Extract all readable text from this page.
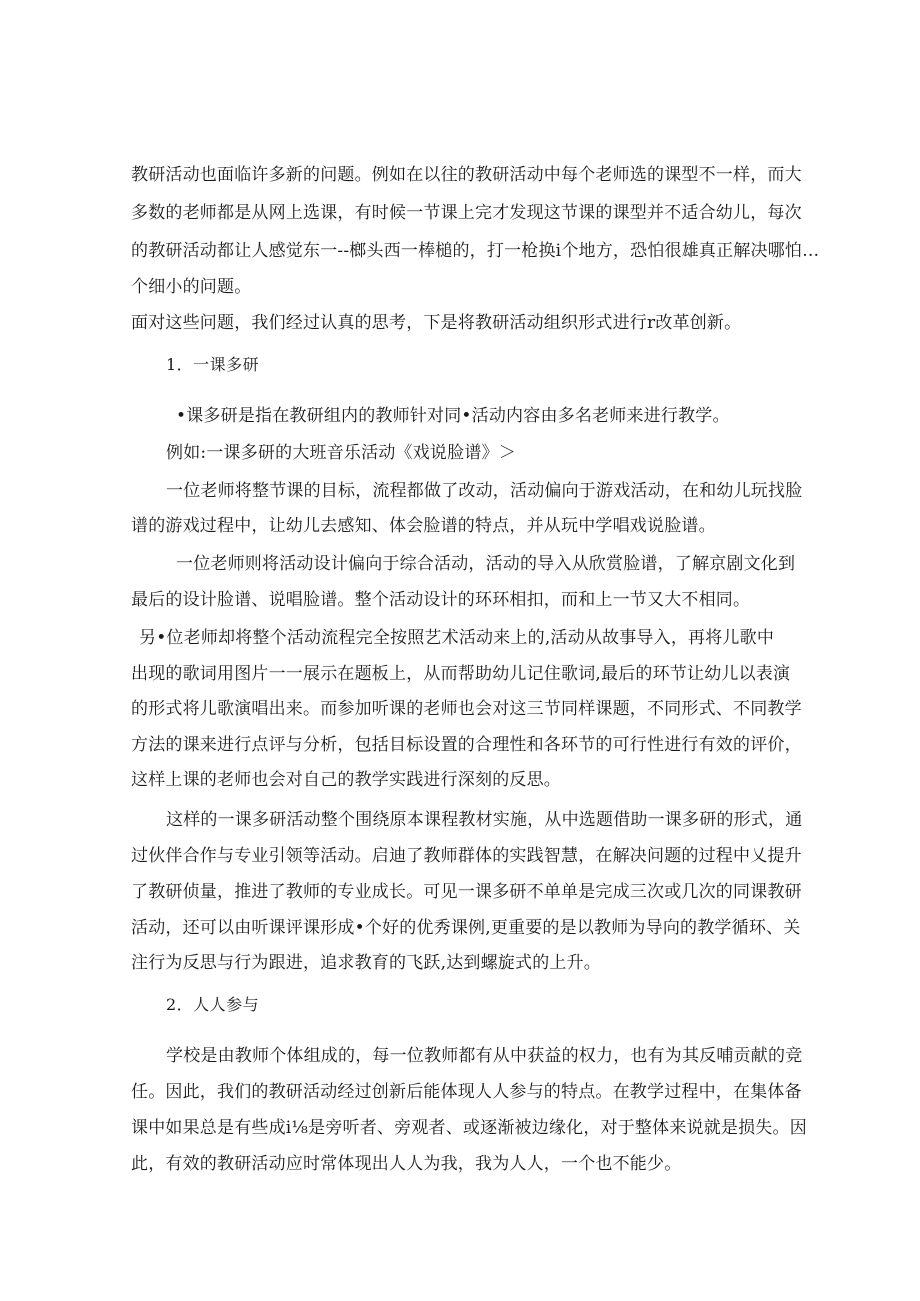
教研活动也面临许多新的问题。例如在以往的教研活动中每个老师选的课型不一样，而大
多数的老师都是从网上选课，有时候一节课上完才发现这节课的课型并不适合幼儿，每次
的教研活动都让人感觉东一--榔头西一棒槌的，打一枪换i个地方，恐怕很雄真正解决哪怕…
个细小的问题。
面对这些问题，我们经过认真的思考，下是将教研活动组织形式进行r改革创新。
1．一课多研
•课多研是指在教研组内的教师针对同•活动内容由多名老师来进行教学。
例如:一课多研的大班音乐活动《戏说脸谱》＞
一位老师将整节课的目标，流程都做了改动，活动偏向于游戏活动，在和幼儿玩找脸
谱的游戏过程中，让幼儿去感知、体会脸谱的特点，并从玩中学唱戏说脸谱。
一位老师则将活动设计偏向于综合活动，活动的导入从欣赏脸谱，了解京剧文化到
最后的设计脸谱、说唱脸谱。整个活动设计的环环相扣，而和上一节又大不相同。
另•位老师却将整个活动流程完全按照艺术活动来上的,活动从故事导入，再将儿歌中
出现的歌词用图片一一展示在题板上，从而帮助幼儿记住歌词,最后的环节让幼儿以表演
的形式将儿歌演唱出来。而参加听课的老师也会对这三节同样课题，不同形式、不同教学
方法的课来进行点评与分析，包括目标设置的合理性和各环节的可行性进行有效的评价，
这样上课的老师也会对自己的教学实践进行深刻的反思。
这样的一课多研活动整个围绕原本课程教材实施，从中选题借助一课多研的形式，通
过伙伴合作与专业引领等活动。启迪了教师群体的实践智慧，在解决问题的过程中乂提升
了教研侦量，推进了教师的专业成长。可见一课多研不单单是完成三次或几次的同课教研
活动，还可以由听课评课形成•个好的优秀课例,更重要的是以教师为导向的教学循环、关
注行为反思与行为跟进，追求教育的飞跃,达到螺旋式的上升。
2．人人参与
学校是由教师个体组成的，每一位教师都有从中获益的权力，也有为其反哺贡献的竞
任。因此，我们的教研活动经过创新后能体现人人参与的特点。在教学过程中，在集体备
课中如果总是有些成i⅛是旁听者、旁观者、或逐渐被边缘化，对于整体来说就是损失。因
此，有效的教研活动应时常体现出人人为我，我为人人，一个也不能少。
